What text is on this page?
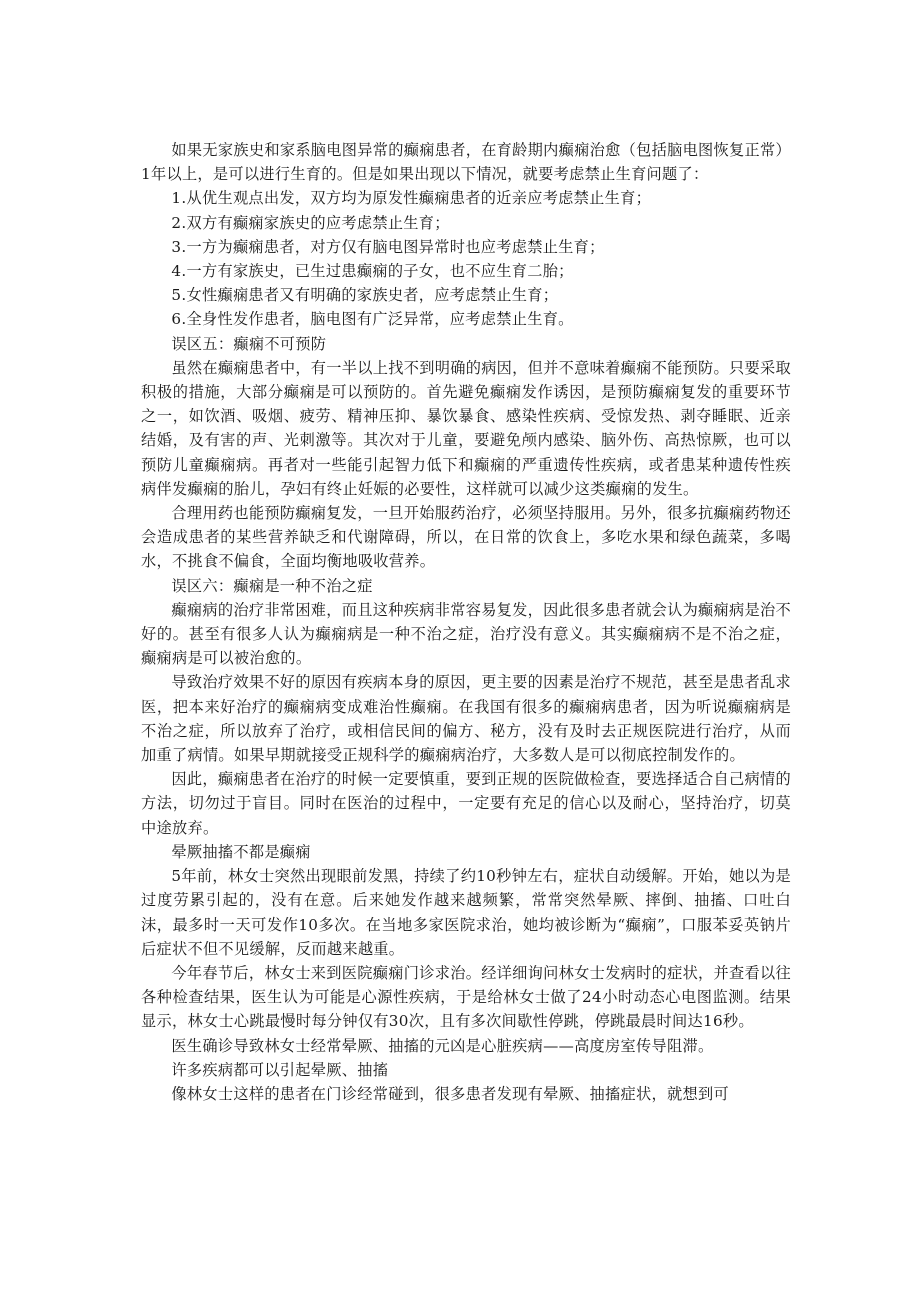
如果无家族史和家系脑电图异常的癫痫患者，在育龄期内癫痫治愈（包括脑电图恢复正常）1年以上，是可以进行生育的。但是如果出现以下情况，就要考虑禁止生育问题了：

1.从优生观点出发，双方均为原发性癫痫患者的近亲应考虑禁止生育；

2.双方有癫痫家族史的应考虑禁止生育；

3.一方为癫痫患者，对方仅有脑电图异常时也应考虑禁止生育；

4.一方有家族史，已生过患癫痫的子女，也不应生育二胎；

5.女性癫痫患者又有明确的家族史者，应考虑禁止生育；

6.全身性发作患者，脑电图有广泛异常，应考虑禁止生育。

误区五：癫痫不可预防

虽然在癫痫患者中，有一半以上找不到明确的病因，但并不意味着癫痫不能预防。只要采取积极的措施，大部分癫痫是可以预防的。首先避免癫痫发作诱因，是预防癫痫复发的重要环节之一，如饮酒、吸烟、疲劳、精神压抑、暴饮暴食、感染性疾病、受惊发热、剥夺睡眠、近亲结婚，及有害的声、光刺激等。其次对于儿童，要避免颅内感染、脑外伤、高热惊厥，也可以预防儿童癫痫病。再者对一些能引起智力低下和癫痫的严重遗传性疾病，或者患某种遗传性疾病伴发癫痫的胎儿，孕妇有终止妊娠的必要性，这样就可以减少这类癫痫的发生。

合理用药也能预防癫痫复发，一旦开始服药治疗，必须坚持服用。另外，很多抗癫痫药物还会造成患者的某些营养缺乏和代谢障碍，所以，在日常的饮食上，多吃水果和绿色蔬菜，多喝水，不挑食不偏食，全面均衡地吸收营养。

误区六：癫痫是一种不治之症

癫痫病的治疗非常困难，而且这种疾病非常容易复发，因此很多患者就会认为癫痫病是治不好的。甚至有很多人认为癫痫病是一种不治之症，治疗没有意义。其实癫痫病不是不治之症，癫痫病是可以被治愈的。

导致治疗效果不好的原因有疾病本身的原因，更主要的因素是治疗不规范，甚至是患者乱求医，把本来好治疗的癫痫病变成难治性癫痫。在我国有很多的癫痫病患者，因为听说癫痫病是不治之症，所以放弃了治疗，或相信民间的偏方、秘方，没有及时去正规医院进行治疗，从而加重了病情。如果早期就接受正规科学的癫痫病治疗，大多数人是可以彻底控制发作的。

因此，癫痫患者在治疗的时候一定要慎重，要到正规的医院做检查，要选择适合自己病情的方法，切勿过于盲目。同时在医治的过程中，一定要有充足的信心以及耐心，坚持治疗，切莫中途放弃。

晕厥抽搐不都是癫痫

5年前，林女士突然出现眼前发黑，持续了约10秒钟左右，症状自动缓解。开始，她以为是过度劳累引起的，没有在意。后来她发作越来越频繁，常常突然晕厥、摔倒、抽搐、口吐白沫，最多时一天可发作10多次。在当地多家医院求治，她均被诊断为“癫痫”，口服苯妥英钠片后症状不但不见缓解，反而越来越重。

今年春节后，林女士来到医院癫痫门诊求治。经详细询问林女士发病时的症状，并查看以往各种检查结果，医生认为可能是心源性疾病，于是给林女士做了24小时动态心电图监测。结果显示，林女士心跳最慢时每分钟仅有30次，且有多次间歇性停跳，停跳最晨时间达16秒。

医生确诊导致林女士经常晕厥、抽搐的元凶是心脏疾病——高度房室传导阻滞。

许多疾病都可以引起晕厥、抽搐

像林女士这样的患者在门诊经常碰到，很多患者发现有晕厥、抽搐症状，就想到可
